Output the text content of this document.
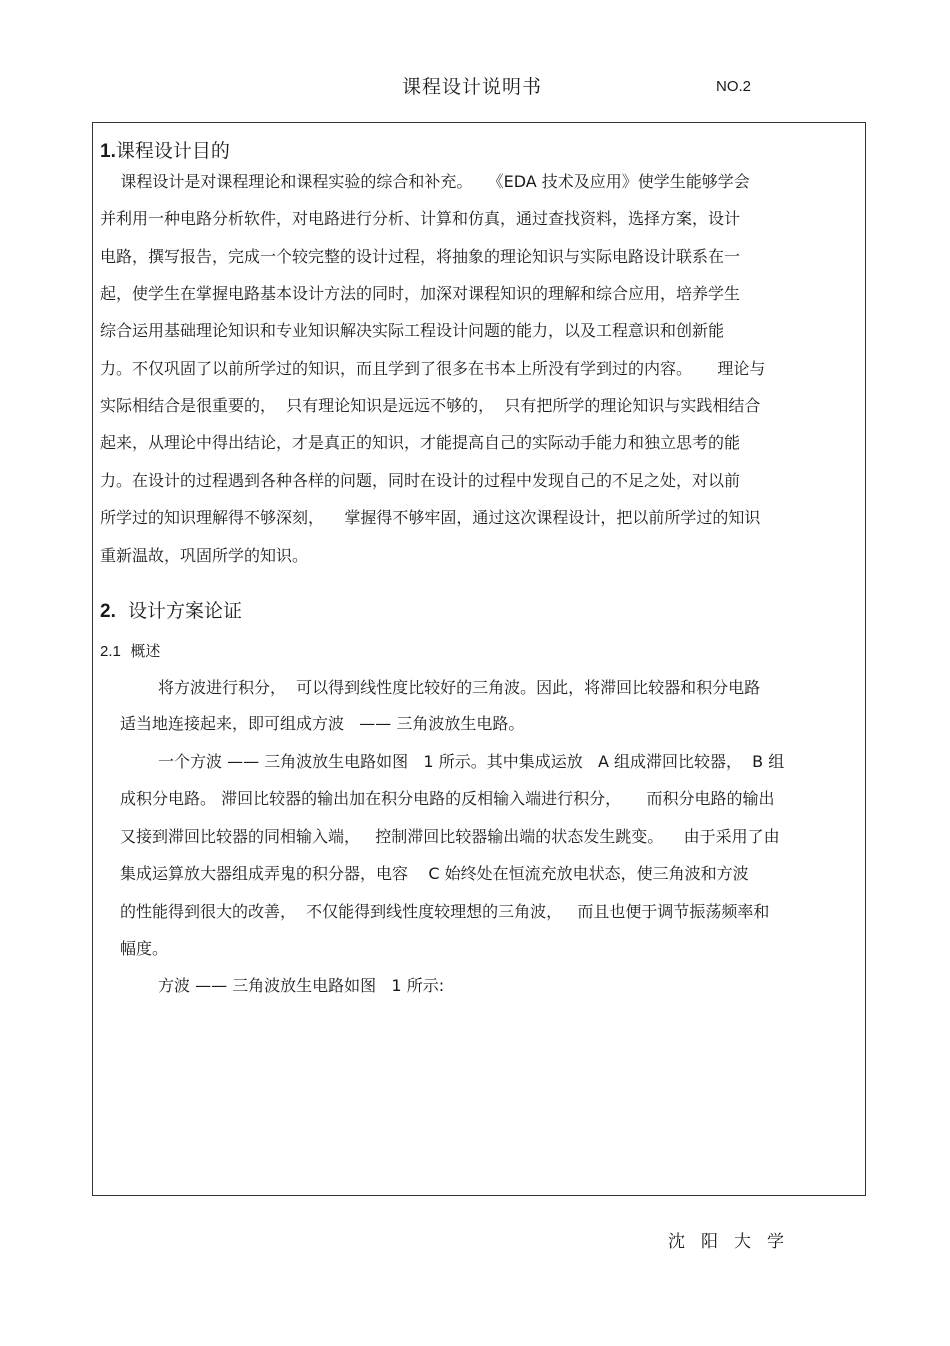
课程设计说明书	NO.2
1.课程设计目的
课程设计是对课程理论和课程实验的综合和补充。   《EDA 技术及应用》使学生能够学会
并利用一种电路分析软件，对电路进行分析、计算和仿真，通过查找资料，选择方案，设计
电路，撰写报告，完成一个较完整的设计过程，将抽象的理论知识与实际电路设计联系在一
起，使学生在掌握电路基本设计方法的同时，加深对课程知识的理解和综合应用，培养学生
综合运用基础理论知识和专业知识解决实际工程设计问题的能力，以及工程意识和创新能
力。不仅巩固了以前所学过的知识，而且学到了很多在书本上所没有学到过的内容。     理论与
实际相结合是很重要的，  只有理论知识是远远不够的，  只有把所学的理论知识与实践相结合
起来，从理论中得出结论，才是真正的知识，才能提高自己的实际动手能力和独立思考的能
力。在设计的过程遇到各种各样的问题，同时在设计的过程中发现自己的不足之处，对以前
所学过的知识理解得不够深刻，    掌握得不够牢固，通过这次课程设计，把以前所学过的知识
重新温故，巩固所学的知识。
2. 设计方案论证
2.1 概述
将方波进行积分，  可以得到线性度比较好的三角波。因此，将滞回比较器和积分电路
适当地连接起来，即可组成方波   —— 三角波放生电路。
一个方波 —— 三角波放生电路如图   1 所示。其中集成运放   A 组成滞回比较器，  B 组
成积分电路。 滞回比较器的输出加在积分电路的反相输入端进行积分，     而积分电路的输出
又接到滞回比较器的同相输入端，   控制滞回比较器输出端的状态发生跳变。    由于采用了由
集成运算放大器组成弄鬼的积分器，电容    C 始终处在恒流充放电状态，使三角波和方波
的性能得到很大的改善，  不仅能得到线性度较理想的三角波，   而且也便于调节振荡频率和
幅度。
方波 —— 三角波放生电路如图   1 所示:
沈阳大学
